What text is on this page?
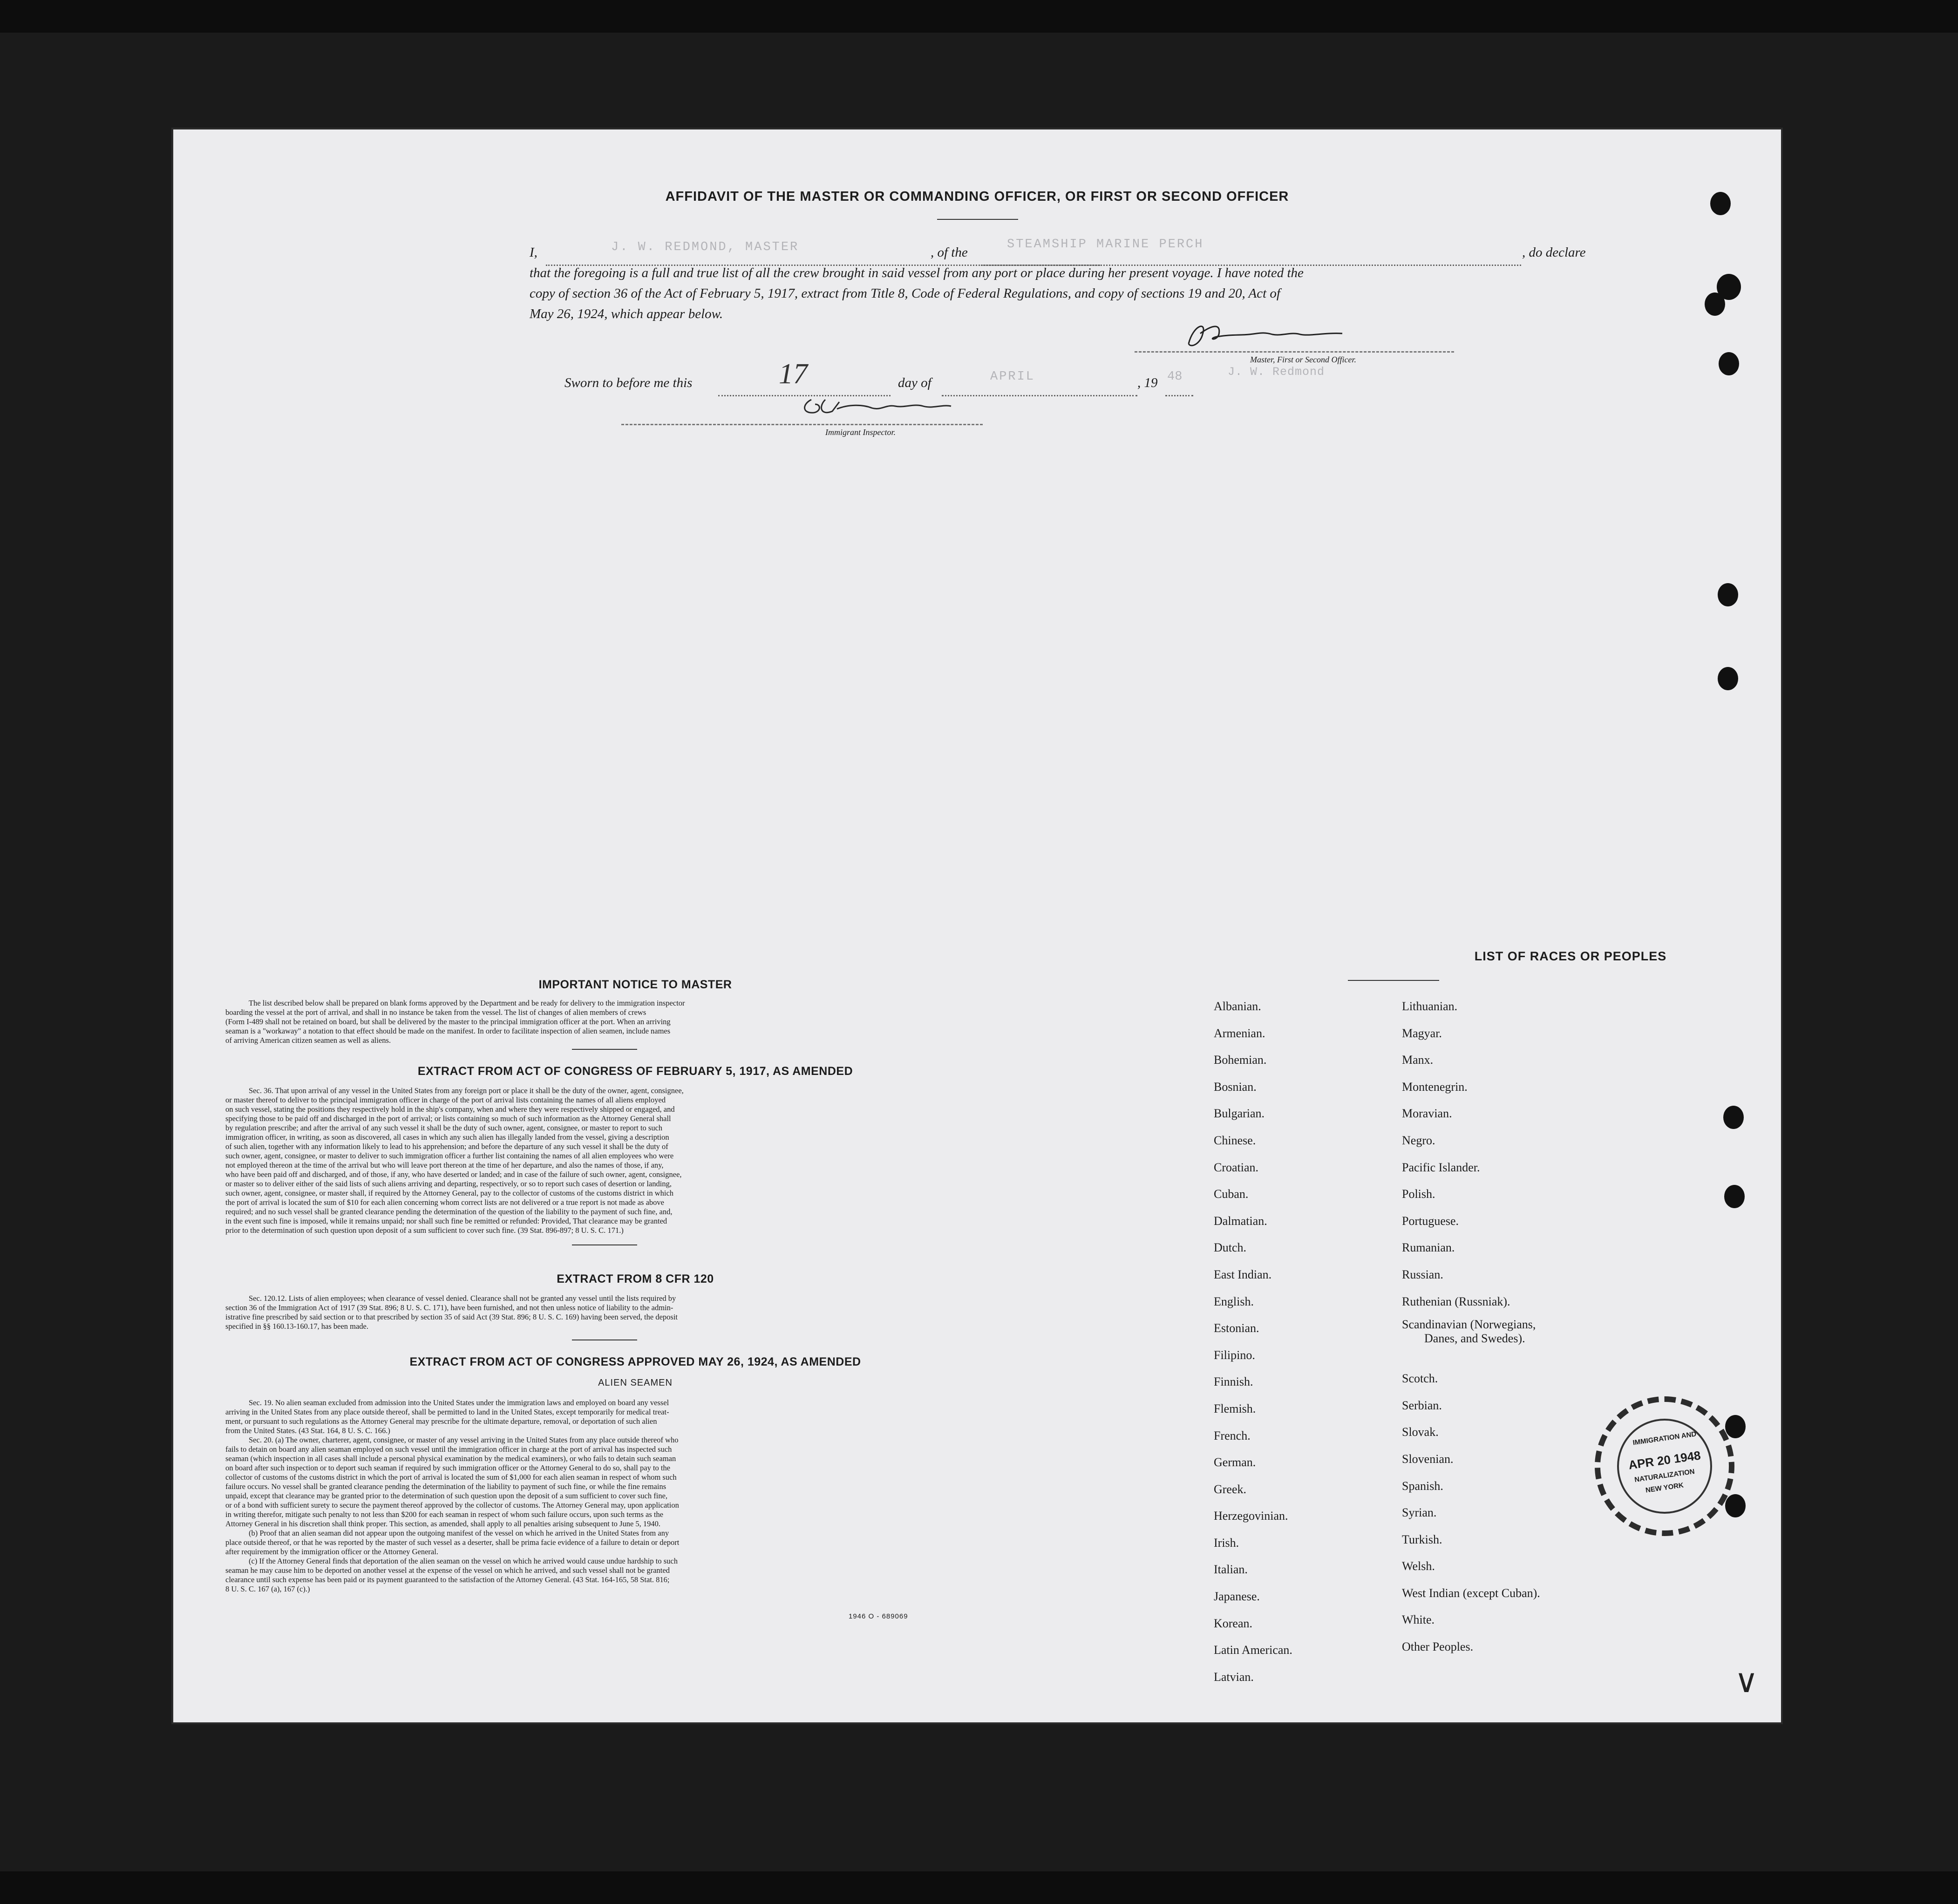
AFFIDAVIT OF THE MASTER OR COMMANDING OFFICER, OR FIRST OR SECOND OFFICER
I,	J. W. REDMOND, MASTER	, of the
STEAMSHIP MARINE PERCH
, do declare
that the foregoing is a full and true list of all the crew brought in said vessel from any port or place during her present voyage. I have noted the
copy of section 36 of the Act of February 5, 1917, extract from Title 8, Code of Federal Regulations, and copy of sections 19 and 20, Act of
May 26, 1924, which appear below.
Master, First or Second Officer.
J. W. Redmond
Sworn to before me this	17	day of	APRIL	, 19 48
Immigrant Inspector.
IMPORTANT NOTICE TO MASTER
The list described below shall be prepared on blank forms approved by the Department and be ready for delivery to the immigration inspector
boarding the vessel at the port of arrival, and shall in no instance be taken from the vessel. The list of changes of alien members of crews
(Form I-489 shall not be retained on board, but shall be delivered by the master to the principal immigration officer at the port. When an arriving
seaman is a "workaway" a notation to that effect should be made on the manifest. In order to facilitate inspection of alien seamen, include names
of arriving American citizen seamen as well as aliens.
EXTRACT FROM ACT OF CONGRESS OF FEBRUARY 5, 1917, AS AMENDED
Sec. 36. That upon arrival of any vessel in the United States from any foreign port or place it shall be the duty of the owner, agent, consignee,
or master thereof to deliver to the principal immigration officer in charge of the port of arrival lists containing the names of all aliens employed
on such vessel, stating the positions they respectively hold in the ship's company, when and where they were respectively shipped or engaged, and
specifying those to be paid off and discharged in the port of arrival; or lists containing so much of such information as the Attorney General shall
by regulation prescribe; and after the arrival of any such vessel it shall be the duty of such owner, agent, consignee, or master to report to such
immigration officer, in writing, as soon as discovered, all cases in which any such alien has illegally landed from the vessel, giving a description
of such alien, together with any information likely to lead to his apprehension; and before the departure of any such vessel it shall be the duty of
such owner, agent, consignee, or master to deliver to such immigration officer a further list containing the names of all alien employees who were
not employed thereon at the time of the arrival but who will leave port thereon at the time of her departure, and also the names of those, if any,
who have been paid off and discharged, and of those, if any, who have deserted or landed; and in case of the failure of such owner, agent, consignee,
or master so to deliver either of the said lists of such aliens arriving and departing, respectively, or so to report such cases of desertion or landing,
such owner, agent, consignee, or master shall, if required by the Attorney General, pay to the collector of customs of the customs district in which
the port of arrival is located the sum of $10 for each alien concerning whom correct lists are not delivered or a true report is not made as above
required; and no such vessel shall be granted clearance pending the determination of the question of the liability to the payment of such fine, and,
in the event such fine is imposed, while it remains unpaid; nor shall such fine be remitted or refunded: Provided, That clearance may be granted
prior to the determination of such question upon deposit of a sum sufficient to cover such fine. (39 Stat. 896-897; 8 U. S. C. 171.)
EXTRACT FROM 8 CFR 120
Sec. 120.12. Lists of alien employees; when clearance of vessel denied. Clearance shall not be granted any vessel until the lists required by
section 36 of the Immigration Act of 1917 (39 Stat. 896; 8 U. S. C. 171), have been furnished, and not then unless notice of liability to the admin-
istrative fine prescribed by said section or to that prescribed by section 35 of said Act (39 Stat. 896; 8 U. S. C. 169) having been served, the deposit
specified in §§ 160.13-160.17, has been made.
EXTRACT FROM ACT OF CONGRESS APPROVED MAY 26, 1924, AS AMENDED
ALIEN SEAMEN
Sec. 19. No alien seaman excluded from admission into the United States under the immigration laws and employed on board any vessel
arriving in the United States from any place outside thereof, shall be permitted to land in the United States, except temporarily for medical treat-
ment, or pursuant to such regulations as the Attorney General may prescribe for the ultimate departure, removal, or deportation of such alien
from the United States. (43 Stat. 164, 8 U. S. C. 166.)
Sec. 20. (a) The owner, charterer, agent, consignee, or master of any vessel arriving in the United States from any place outside thereof who
fails to detain on board any alien seaman employed on such vessel until the immigration officer in charge at the port of arrival has inspected such
seaman (which inspection in all cases shall include a personal physical examination by the medical examiners), or who fails to detain such seaman
on board after such inspection or to deport such seaman if required by such immigration officer or the Attorney General to do so, shall pay to the
collector of customs of the customs district in which the port of arrival is located the sum of $1,000 for each alien seaman in respect of whom such
failure occurs. No vessel shall be granted clearance pending the determination of the liability to payment of such fine, or while the fine remains
unpaid, except that clearance may be granted prior to the determination of such question upon the deposit of a sum sufficient to cover such fine,
or of a bond with sufficient surety to secure the payment thereof approved by the collector of customs. The Attorney General may, upon application
in writing therefor, mitigate such penalty to not less than $200 for each seaman in respect of whom such failure occurs, upon such terms as the
Attorney General in his discretion shall think proper. This section, as amended, shall apply to all penalties arising subsequent to June 5, 1940.
(b) Proof that an alien seaman did not appear upon the outgoing manifest of the vessel on which he arrived in the United States from any
place outside thereof, or that he was reported by the master of such vessel as a deserter, shall be prima facie evidence of a failure to detain or deport
after requirement by the immigration officer or the Attorney General.
(c) If the Attorney General finds that deportation of the alien seaman on the vessel on which he arrived would cause undue hardship to such
seaman he may cause him to be deported on another vessel at the expense of the vessel on which he arrived, and such vessel shall not be granted
clearance until such expense has been paid or its payment guaranteed to the satisfaction of the Attorney General. (43 Stat. 164-165, 58 Stat. 816;
8 U. S. C. 167 (a), 167 (c).)
1946 O - 689069
LIST OF RACES OR PEOPLES
Albanian.
Armenian.
Bohemian.
Bosnian.
Bulgarian.
Chinese.
Croatian.
Cuban.
Dalmatian.
Dutch.
East Indian.
English.
Estonian.
Filipino.
Finnish.
Flemish.
French.
German.
Greek.
Herzegovinian.
Irish.
Italian.
Japanese.
Korean.
Latin American.
Latvian.
Lithuanian.
Magyar.
Manx.
Montenegrin.
Moravian.
Negro.
Pacific Islander.
Polish.
Portuguese.
Rumanian.
Russian.
Ruthenian (Russniak).
Scandinavian (Norwegians,
Danes, and Swedes).
Scotch.
Serbian.
Slovak.
Slovenian.
Spanish.
Syrian.
Turkish.
Welsh.
West Indian (except Cuban).
White.
Other Peoples.
IMMIGRATION AND
APR 20 1948
NATURALIZATION
NEW YORK
∨
